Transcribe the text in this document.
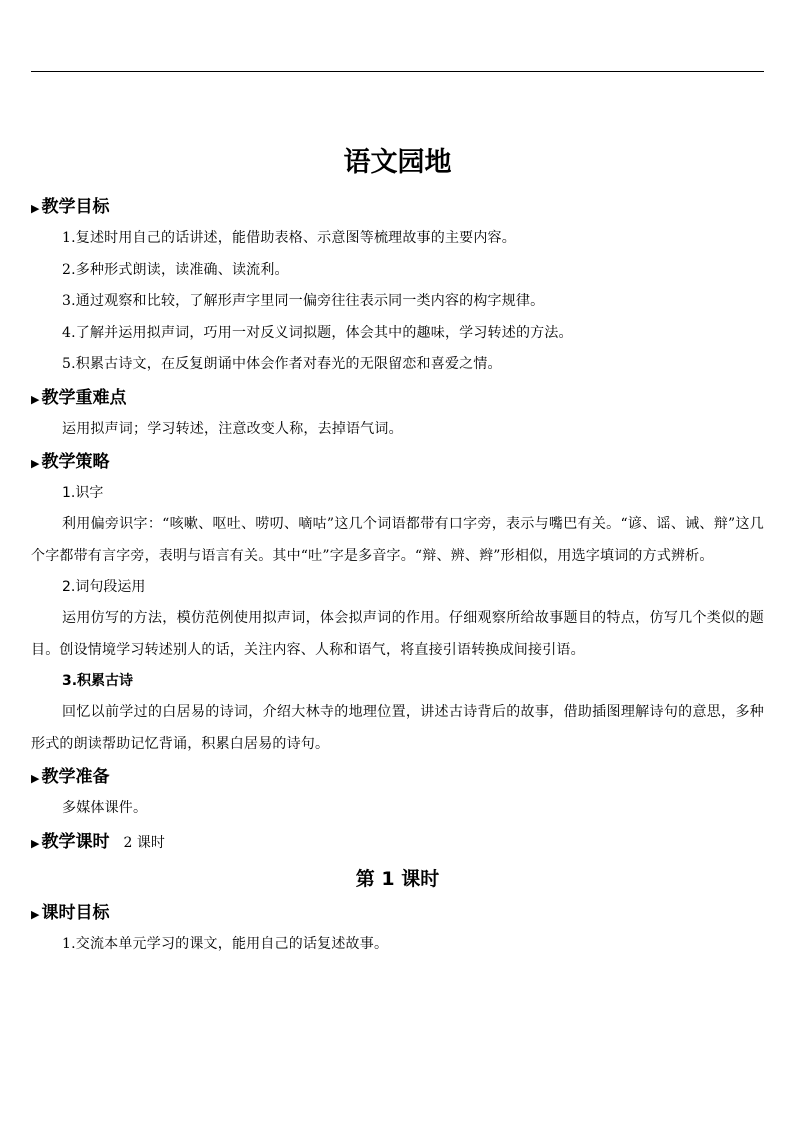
语文园地
▶ 教学目标

1.复述时用自己的话讲述，能借助表格、示意图等梳理故事的主要内容。

2.多种形式朗读，读准确、读流利。

3.通过观察和比较，了解形声字里同一偏旁往往表示同一类内容的构字规律。

4.了解并运用拟声词，巧用一对反义词拟题，体会其中的趣味，学习转述的方法。

5.积累古诗文，在反复朗诵中体会作者对春光的无限留恋和喜爱之情。

▶ 教学重难点

运用拟声词；学习转述，注意改变人称，去掉语气词。

▶ 教学策略

1.识字

利用偏旁识字：“咳嗽、呕吐、唠叨、嘀咕”这几个词语都带有口字旁，表示与嘴巴有关。“谚、谣、诫、辩”这几个字都带有言字旁，表明与语言有关。其中“吐”字是多音字。“辩、辨、辫”形相似，用选字填词的方式辨析。

2.词句段运用

运用仿写的方法，模仿范例使用拟声词，体会拟声词的作用。仔细观察所给故事题目的特点，仿写几个类似的题目。创设情境学习转述别人的话，关注内容、人称和语气，将直接引语转换成间接引语。

3.积累古诗

回忆以前学过的白居易的诗词，介绍大林寺的地理位置，讲述古诗背后的故事，借助插图理解诗句的意思，多种形式的朗读帮助记忆背诵，积累白居易的诗句。

▶ 教学准备

多媒体课件。

▶ 教学课时 2 课时
第 1 课时
▶ 课时目标

1.交流本单元学习的课文，能用自己的话复述故事。
